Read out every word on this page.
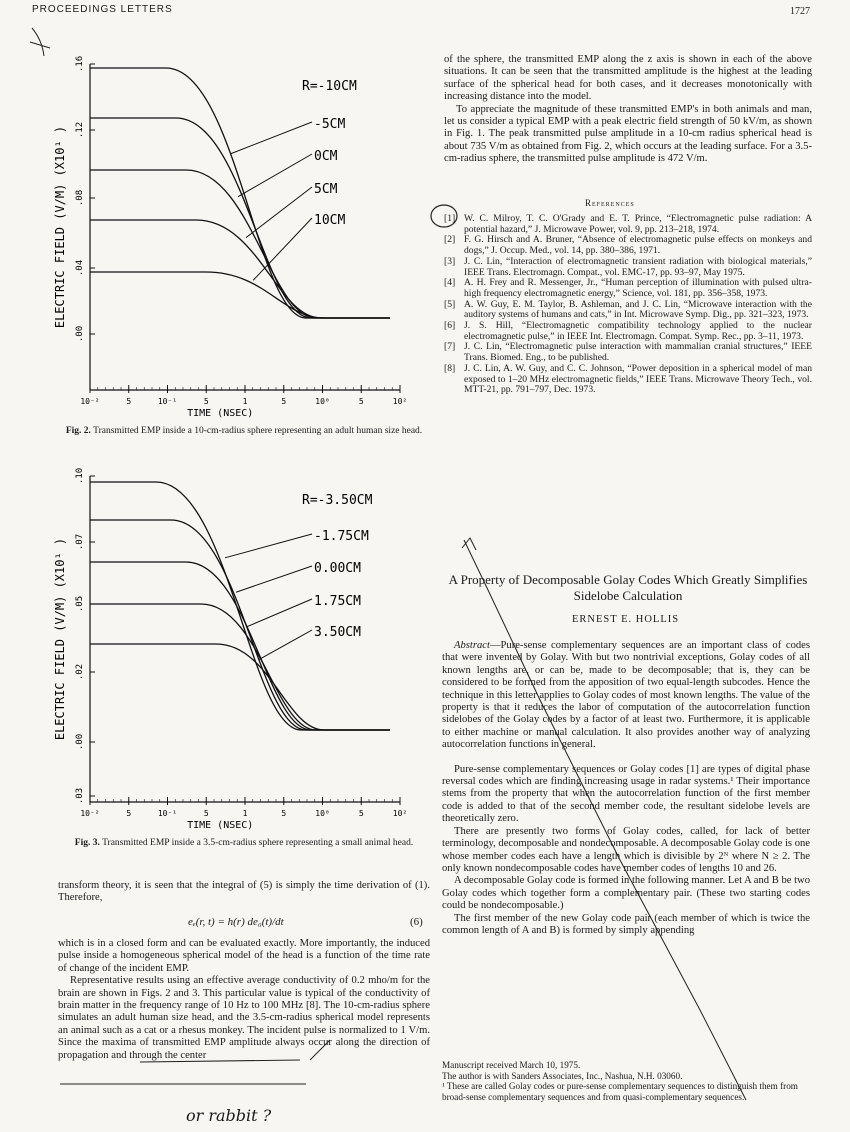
PROCEEDINGS LETTERS	1727
10⁻²	5	10⁻¹	5	1	5	10⁰	5	10²
.00
.04
.08
.12
.16
ELECTRIC FIELD (V/M) (X10¹ )
TIME (NSEC)
R=-10CM
-5CM
0CM
5CM
10CM
Fig. 2. Transmitted EMP inside a 10-cm-radius sphere representing an adult human size head.
10⁻²	5	10⁻¹	5	1	5	10⁰	5	10²
.03
.00
.02
.05
.07
.10
ELECTRIC FIELD (V/M) (X10¹ )
TIME (NSEC)
R=-3.50CM
-1.75CM
0.00CM
1.75CM
3.50CM
Fig. 3. Transmitted EMP inside a 3.5-cm-radius sphere representing a small animal head.

transform theory, it is seen that the integral of (5) is simply the time derivation of (1). Therefore,

eₑ(r, t) = h(r) de₀(t)/dt	(6)

which is in a closed form and can be evaluated exactly. More importantly, the induced pulse inside a homogeneous spherical model of the head is a function of the time rate of change of the incident EMP.

Representative results using an effective average conductivity of 0.2 mho/m for the brain are shown in Figs. 2 and 3. This particular value is typical of the conductivity of brain matter in the frequency range of 10 Hz to 100 MHz [8]. The 10-cm-radius sphere simulates an adult human size head, and the 3.5-cm-radius spherical model represents an animal such as a cat or a rhesus monkey. The incident pulse is normalized to 1 V/m. Since the maxima of transmitted EMP amplitude always occur along the direction of propagation and through the center

or rabbit ?

of the sphere, the transmitted EMP along the z axis is shown in each of the above situations. It can be seen that the transmitted amplitude is the highest at the leading surface of the spherical head for both cases, and it decreases monotonically with increasing distance into the model.

To appreciate the magnitude of these transmitted EMP's in both animals and man, let us consider a typical EMP with a peak electric field strength of 50 kV/m, as shown in Fig. 1. The peak transmitted pulse amplitude in a 10-cm radius spherical head is about 735 V/m as obtained from Fig. 2, which occurs at the leading surface. For a 3.5-cm-radius sphere, the transmitted pulse amplitude is 472 V/m.

References
[1] W. C. Milroy, T. C. O'Grady and E. T. Prince, “Electromagnetic pulse radiation: A potential hazard,” J. Microwave Power, vol. 9, pp. 213–218, 1974.
[2] F. G. Hirsch and A. Bruner, “Absence of electromagnetic pulse effects on monkeys and dogs,” J. Occup. Med., vol. 14, pp. 380–386, 1971.
[3] J. C. Lin, “Interaction of electromagnetic transient radiation with biological materials,” IEEE Trans. Electromagn. Compat., vol. EMC-17, pp. 93–97, May 1975.
[4] A. H. Frey and R. Messenger, Jr., “Human perception of illumination with pulsed ultra-high frequency electromagnetic energy,” Science, vol. 181, pp. 356–358, 1973.
[5] A. W. Guy, E. M. Taylor, B. Ashleman, and J. C. Lin, “Microwave interaction with the auditory systems of humans and cats,” in Int. Microwave Symp. Dig., pp. 321–323, 1973.
[6] J. S. Hill, “Electromagnetic compatibility technology applied to the nuclear electromagnetic pulse,” in IEEE Int. Electromagn. Compat. Symp. Rec., pp. 3–11, 1973.
[7] J. C. Lin, “Electromagnetic pulse interaction with mammalian cranial structures,” IEEE Trans. Biomed. Eng., to be published.
[8] J. C. Lin, A. W. Guy, and C. C. Johnson, “Power deposition in a spherical model of man exposed to 1–20 MHz electromagnetic fields,” IEEE Trans. Microwave Theory Tech., vol. MTT-21, pp. 791–797, Dec. 1973.
A Property of Decomposable Golay Codes Which Greatly Simplifies Sidelobe Calculation
ERNEST E. HOLLIS

Abstract—Pure-sense complementary sequences are an important class of codes that were invented by Golay. With but two nontrivial exceptions, Golay codes of all known lengths are, or can be, made to be decomposable; that is, they can be considered to be formed from the apposition of two equal-length subcodes. Hence the technique in this letter applies to Golay codes of most known lengths. The value of the property is that it reduces the labor of computation of the autocorrelation function sidelobes of the Golay codes by a factor of at least two. Furthermore, it is applicable to either machine or manual calculation. It also provides another way of analyzing autocorrelation functions in general.

Pure-sense complementary sequences or Golay codes [1] are types of digital phase reversal codes which are finding increasing usage in radar systems.¹ Their importance stems from the property that when the autocorrelation function of the first member code is added to that of the second member code, the resultant sidelobe levels are theoretically zero.

There are presently two forms of Golay codes, called, for lack of better terminology, decomposable and nondecomposable. A decomposable Golay code is one whose member codes each have a length which is divisible by 2ᴺ where N ≥ 2. The only known nondecomposable codes have member codes of lengths 10 and 26.

A decomposable Golay code is formed in the following manner. Let A and B be two Golay codes which together form a complementary pair. (These two starting codes could be nondecomposable.)

The first member of the new Golay code pair (each member of which is twice the common length of A and B) is formed by simply appending

Manuscript received March 10, 1975.
The author is with Sanders Associates, Inc., Nashua, N.H. 03060.
¹ These are called Golay codes or pure-sense complementary sequences to distinguish them from broad-sense complementary sequences and from quasi-complementary sequences.
